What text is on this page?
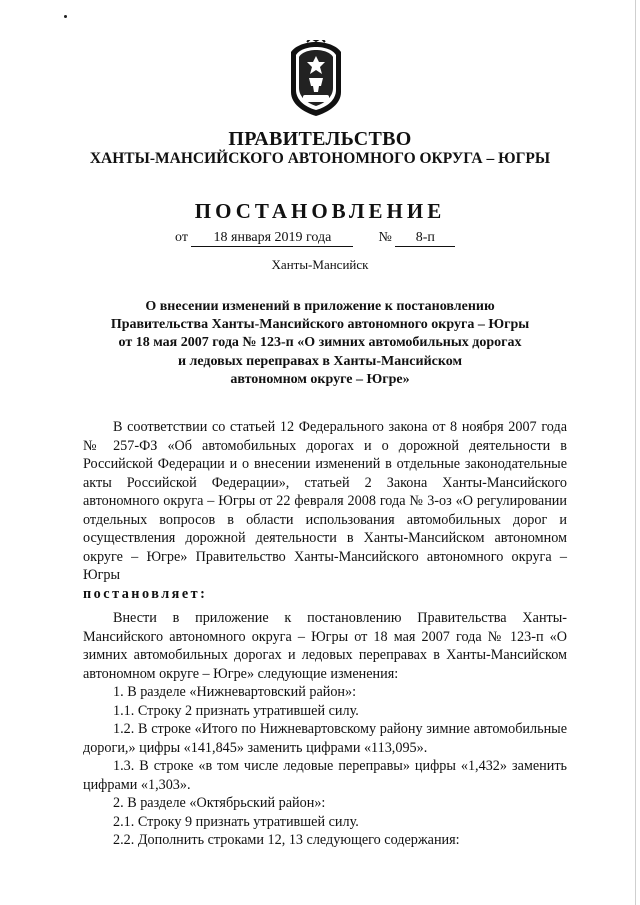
ПРАВИТЕЛЬСТВО
ХАНТЫ-МАНСИЙСКОГО АВТОНОМНОГО ОКРУГА – ЮГРЫ
ПОСТАНОВЛЕНИЕ
от 18 января 2019 года	№ 8-п
Ханты-Мансийск
О внесении изменений в приложение к постановлению
Правительства Ханты-Мансийского автономного округа – Югры
от 18 мая 2007 года № 123-п «О зимних автомобильных дорогах
и ледовых переправах в Ханты-Мансийском
автономном округе – Югре»

В соответствии со статьей 12 Федерального закона от 8 ноября 2007 года № 257-ФЗ «Об автомобильных дорогах и о дорожной деятельности в Российской Федерации и о внесении изменений в отдельные законодательные акты Российской Федерации», статьей 2 Закона Ханты-Мансийского автономного округа – Югры от 22 февраля 2008 года № 3-оз «О регулировании отдельных вопросов в области использования автомобильных дорог и осуществления дорожной деятельности в Ханты-Мансийском автономном округе – Югре» Правительство Ханты-Мансийского автономного округа – Югры

постановляет:

Внести в приложение к постановлению Правительства Ханты-Мансийского автономного округа – Югры от 18 мая 2007 года № 123-п «О зимних автомобильных дорогах и ледовых переправах в Ханты-Мансийском автономном округе – Югре» следующие изменения:

1. В разделе «Нижневартовский район»:

1.1. Строку 2 признать утратившей силу.

1.2. В строке «Итого по Нижневартовскому району зимние автомобильные дороги,» цифры «141,845» заменить цифрами «113,095».

1.3. В строке «в том числе ледовые переправы» цифры «1,432» заменить цифрами «1,303».

2. В разделе «Октябрьский район»:

2.1. Строку 9 признать утратившей силу.

2.2. Дополнить строками 12, 13 следующего содержания:
